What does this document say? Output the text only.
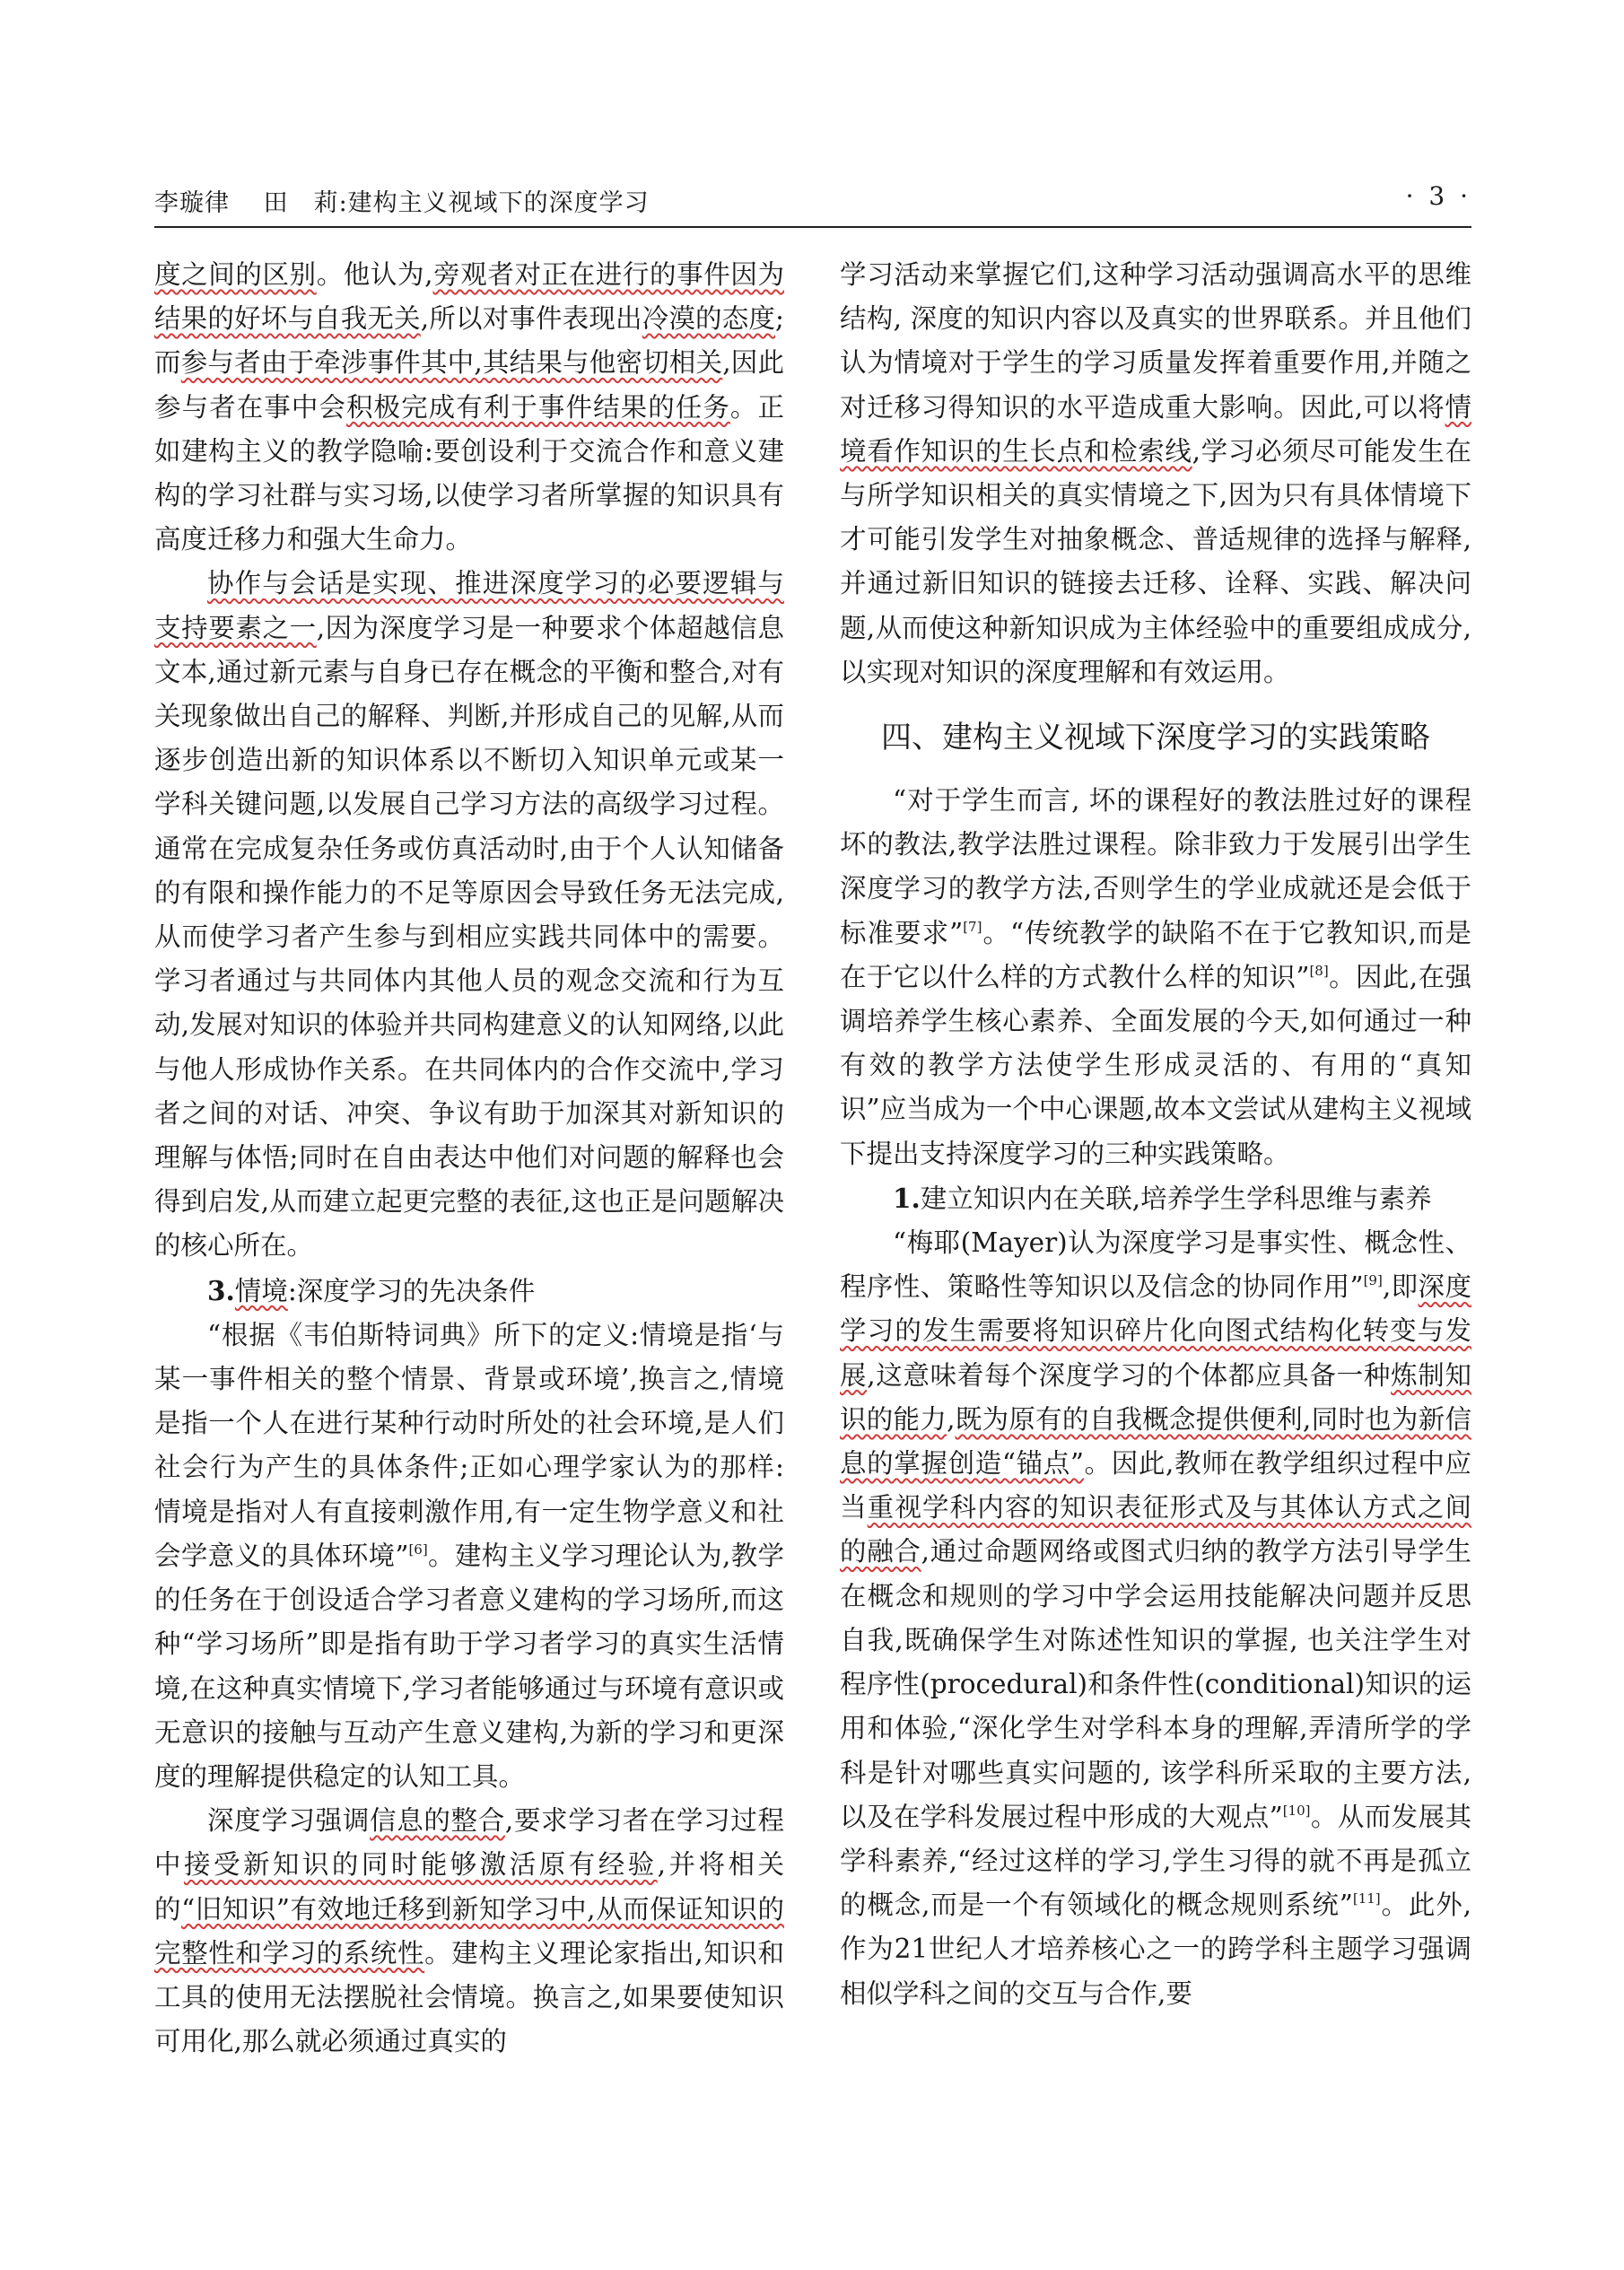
李璇律　 田　莉:建构主义视域下的深度学习	· 3 ·

度之间的区别。他认为,旁观者对正在进行的事件因为结果的好坏与自我无关,所以对事件表现出冷漠的态度;而参与者由于牵涉事件其中,其结果与他密切相关,因此参与者在事中会积极完成有利于事件结果的任务。正如建构主义的教学隐喻:要创设利于交流合作和意义建构的学习社群与实习场,以使学习者所掌握的知识具有高度迁移力和强大生命力。

协作与会话是实现、推进深度学习的必要逻辑与支持要素之一,因为深度学习是一种要求个体超越信息文本,通过新元素与自身已存在概念的平衡和整合,对有关现象做出自己的解释、判断,并形成自己的见解,从而逐步创造出新的知识体系以不断切入知识单元或某一学科关键问题,以发展自己学习方法的高级学习过程。通常在完成复杂任务或仿真活动时,由于个人认知储备的有限和操作能力的不足等原因会导致任务无法完成,从而使学习者产生参与到相应实践共同体中的需要。学习者通过与共同体内其他人员的观念交流和行为互动,发展对知识的体验并共同构建意义的认知网络,以此与他人形成协作关系。在共同体内的合作交流中,学习者之间的对话、冲突、争议有助于加深其对新知识的理解与体悟;同时在自由表达中他们对问题的解释也会得到启发,从而建立起更完整的表征,这也正是问题解决的核心所在。

3.情境:深度学习的先决条件

“根据《韦伯斯特词典》所下的定义:情境是指‘与某一事件相关的整个情景、背景或环境’,换言之,情境是指一个人在进行某种行动时所处的社会环境,是人们社会行为产生的具体条件;正如心理学家认为的那样: 情境是指对人有直接刺激作用,有一定生物学意义和社会学意义的具体环境”[6]。建构主义学习理论认为,教学的任务在于创设适合学习者意义建构的学习场所,而这种“学习场所”即是指有助于学习者学习的真实生活情境,在这种真实情境下,学习者能够通过与环境有意识或无意识的接触与互动产生意义建构,为新的学习和更深度的理解提供稳定的认知工具。

深度学习强调信息的整合,要求学习者在学习过程中接受新知识的同时能够激活原有经验,并将相关的“旧知识”有效地迁移到新知学习中,从而保证知识的完整性和学习的系统性。建构主义理论家指出,知识和工具的使用无法摆脱社会情境。换言之,如果要使知识可用化,那么就必须通过真实的

学习活动来掌握它们,这种学习活动强调高水平的思维结构, 深度的知识内容以及真实的世界联系。并且他们认为情境对于学生的学习质量发挥着重要作用,并随之对迁移习得知识的水平造成重大影响。因此,可以将情境看作知识的生长点和检索线,学习必须尽可能发生在与所学知识相关的真实情境之下,因为只有具体情境下才可能引发学生对抽象概念、普适规律的选择与解释,并通过新旧知识的链接去迁移、诠释、实践、解决问题,从而使这种新知识成为主体经验中的重要组成成分,以实现对知识的深度理解和有效运用。

四、建构主义视域下深度学习的实践策略

“对于学生而言, 坏的课程好的教法胜过好的课程坏的教法,教学法胜过课程。除非致力于发展引出学生深度学习的教学方法,否则学生的学业成就还是会低于标准要求”[7]。“传统教学的缺陷不在于它教知识,而是在于它以什么样的方式教什么样的知识”[8]。因此,在强调培养学生核心素养、全面发展的今天,如何通过一种有效的教学方法使学生形成灵活的、有用的“真知识”应当成为一个中心课题,故本文尝试从建构主义视域下提出支持深度学习的三种实践策略。

1.建立知识内在关联,培养学生学科思维与素养

“梅耶(Mayer)认为深度学习是事实性、概念性、程序性、策略性等知识以及信念的协同作用”[9],即深度学习的发生需要将知识碎片化向图式结构化转变与发展,这意味着每个深度学习的个体都应具备一种炼制知识的能力,既为原有的自我概念提供便利,同时也为新信息的掌握创造“锚点”。因此,教师在教学组织过程中应当重视学科内容的知识表征形式及与其体认方式之间的融合,通过命题网络或图式归纳的教学方法引导学生在概念和规则的学习中学会运用技能解决问题并反思自我,既确保学生对陈述性知识的掌握, 也关注学生对程序性(procedural)和条件性(conditional)知识的运用和体验,“深化学生对学科本身的理解,弄清所学的学科是针对哪些真实问题的, 该学科所采取的主要方法,以及在学科发展过程中形成的大观点”[10]。从而发展其学科素养,“经过这样的学习,学生习得的就不再是孤立的概念,而是一个有领域化的概念规则系统”[11]。此外,作为21世纪人才培养核心之一的跨学科主题学习强调相似学科之间的交互与合作,要
